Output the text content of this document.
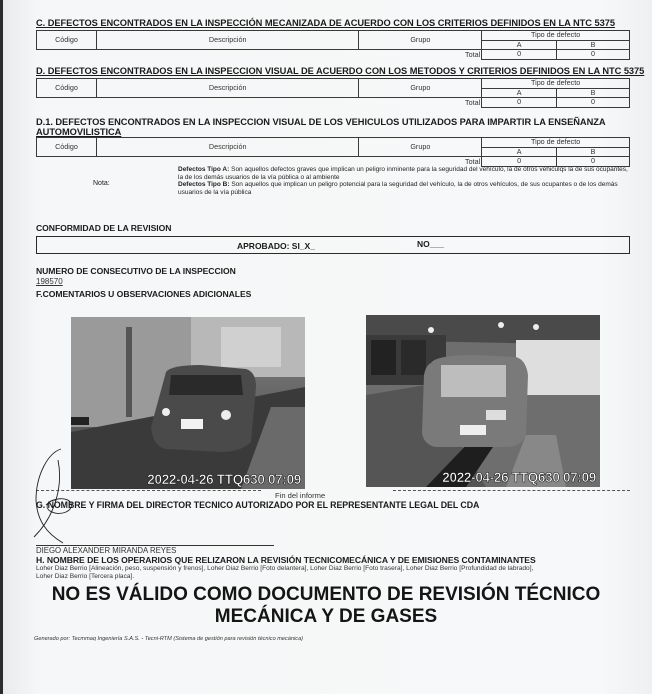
C. DEFECTOS ENCONTRADOS EN LA INSPECCIÓN MECANIZADA DE ACUERDO CON LOS CRITERIOS DEFINIDOS EN LA NTC 5375
Código	Descripción	Grupo	Tipo de defecto	
			A	B
		Total	0	0
D. DEFECTOS ENCONTRADOS EN LA INSPECCION VISUAL DE ACUERDO CON LOS METODOS Y CRITERIOS DEFINIDOS EN LA NTC 5375
Código	Descripción	Grupo	Tipo de defecto	
			A	B
		Total	0	0
D.1. DEFECTOS ENCONTRADOS EN LA INSPECCION VISUAL DE LOS VEHICULOS UTILIZADOS PARA IMPARTIR LA ENSEÑANZA
AUTOMOVILISTICA
Código	Descripción	Grupo	Tipo de defecto	
			A	B
		Total	0	0
Nota:
Defectos Tipo A: Son aquellos defectos graves que implican un peligro inminente para la seguridad del vehículo, la de otros vehiculqs la de sus ocupantes, la de los demás usuarios de la vía pública o al ambiente
Defectos Tipo B: Son aquellos que implican un peligro potencial para la seguridad del vehículo, la de otros vehículos, de sus ocupantes o de los demás usuarios de la vía pública
CONFORMIDAD DE LA REVISION
APROBADO: SI_X_	NO___
NUMERO DE CONSECUTIVO DE LA INSPECCION
198570
F.COMENTARIOS U OBSERVACIONES ADICIONALES
2022-04-26 TTQ630 07:09	2022-04-26 TTQ630 07:09
Fin del informe
G. NOMBRE Y FIRMA DEL DIRECTOR TECNICO AUTORIZADO POR EL REPRESENTANTE LEGAL DEL CDA
DIEGO ALEXANDER MIRANDA REYES
H. NOMBRE DE LOS OPERARIOS QUE RELIZARON LA REVISIÓN TECNICOMECÁNICA Y DE EMISIONES CONTAMINANTES
Loher Diaz Berrio [Alineación, peso, suspensión y frenos], Loher Diaz Berrio [Foto delantera], Loher Diaz Berrio [Foto trasera], Loher Diaz Berrio [Profundidad de labrado],
Loher Diaz Berrio [Tercera placa].
NO ES VÁLIDO COMO DOCUMENTO DE REVISIÓN TÉCNICO
MECÁNICA Y DE GASES
Generado por: Tecmmaq Ingeniería S.A.S. - Tecni-RTM (Sistema de gestión para revisión técnico mecánica)
